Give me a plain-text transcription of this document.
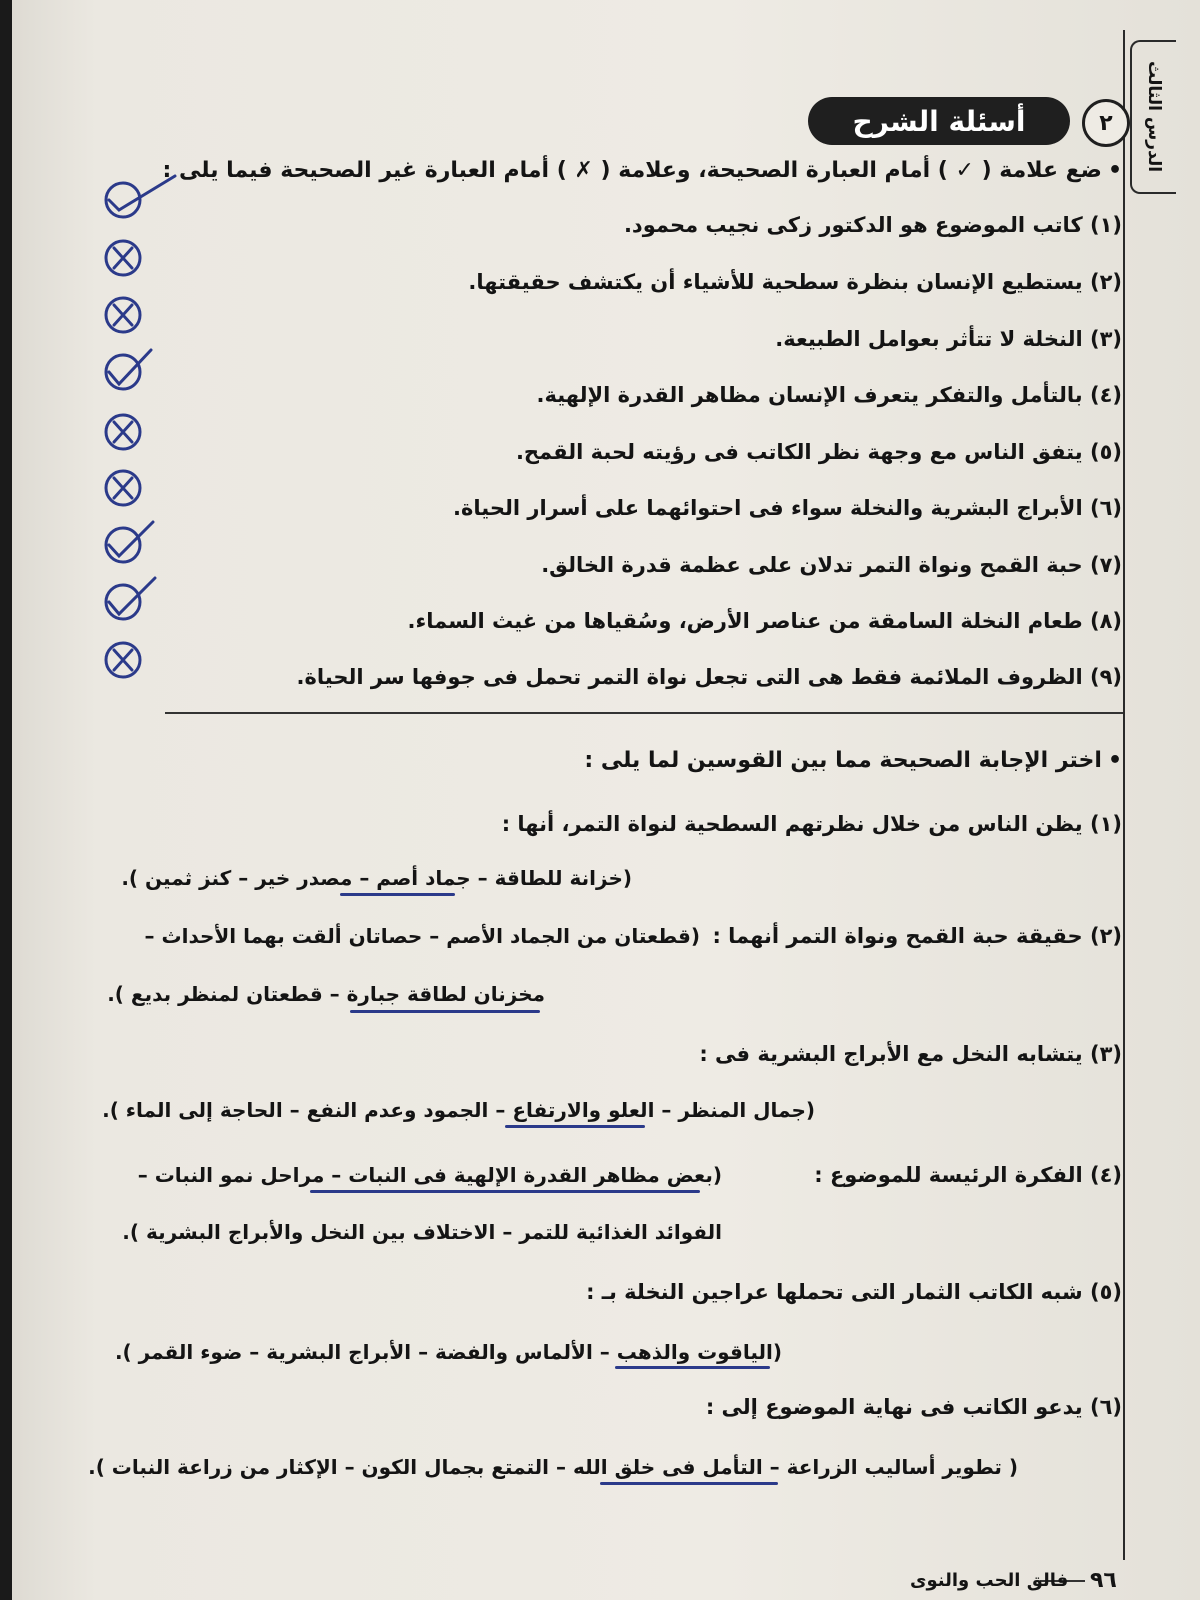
الدرس الثالث
٢
أسئلة الشرح
• ضع علامة ( ✓ ) أمام العبارة الصحيحة، وعلامة ( ✗ ) أمام العبارة غير الصحيحة فيما يلى :
(١) كاتب الموضوع هو الدكتور زكى نجيب محمود.
(٢) يستطيع الإنسان بنظرة سطحية للأشياء أن يكتشف حقيقتها.
(٣) النخلة لا تتأثر بعوامل الطبيعة.
(٤) بالتأمل والتفكر يتعرف الإنسان مظاهر القدرة الإلهية.
(٥) يتفق الناس مع وجهة نظر الكاتب فى رؤيته لحبة القمح.
(٦) الأبراج البشرية والنخلة سواء فى احتوائهما على أسرار الحياة.
(٧) حبة القمح ونواة التمر تدلان على عظمة قدرة الخالق.
(٨) طعام النخلة السامقة من عناصر الأرض، وسُقياها من غيث السماء.
(٩) الظروف الملائمة فقط هى التى تجعل نواة التمر تحمل فى جوفها سر الحياة.
• اختر الإجابة الصحيحة مما بين القوسين لما يلى :
(١) يظن الناس من خلال نظرتهم السطحية لنواة التمر، أنها :
(خزانة للطاقة – جماد أصم – مصدر خير – كنز ثمين ).
(٢) حقيقة حبة القمح ونواة التمر أنهما :
(قطعتان من الجماد الأصم – حصاتان ألقت بهما الأحداث –
مخزنان لطاقة جبارة – قطعتان لمنظر بديع ).
(٣) يتشابه النخل مع الأبراج البشرية فى :
(جمال المنظر – العلو والارتفاع – الجمود وعدم النفع – الحاجة إلى الماء ).
(٤) الفكرة الرئيسة للموضوع :
(بعض مظاهر القدرة الإلهية فى النبات – مراحل نمو النبات –
الفوائد الغذائية للتمر – الاختلاف بين النخل والأبراج البشرية ).
(٥) شبه الكاتب الثمار التى تحملها عراجين النخلة بـ :
(الياقوت والذهب – الألماس والفضة – الأبراج البشرية – ضوء القمر ).
(٦) يدعو الكاتب فى نهاية الموضوع إلى :
( تطوير أساليب الزراعة – التأمل فى خلق الله – التمتع بجمال الكون – الإكثار من زراعة النبات ).
٩٦
فالق الحب والنوى
